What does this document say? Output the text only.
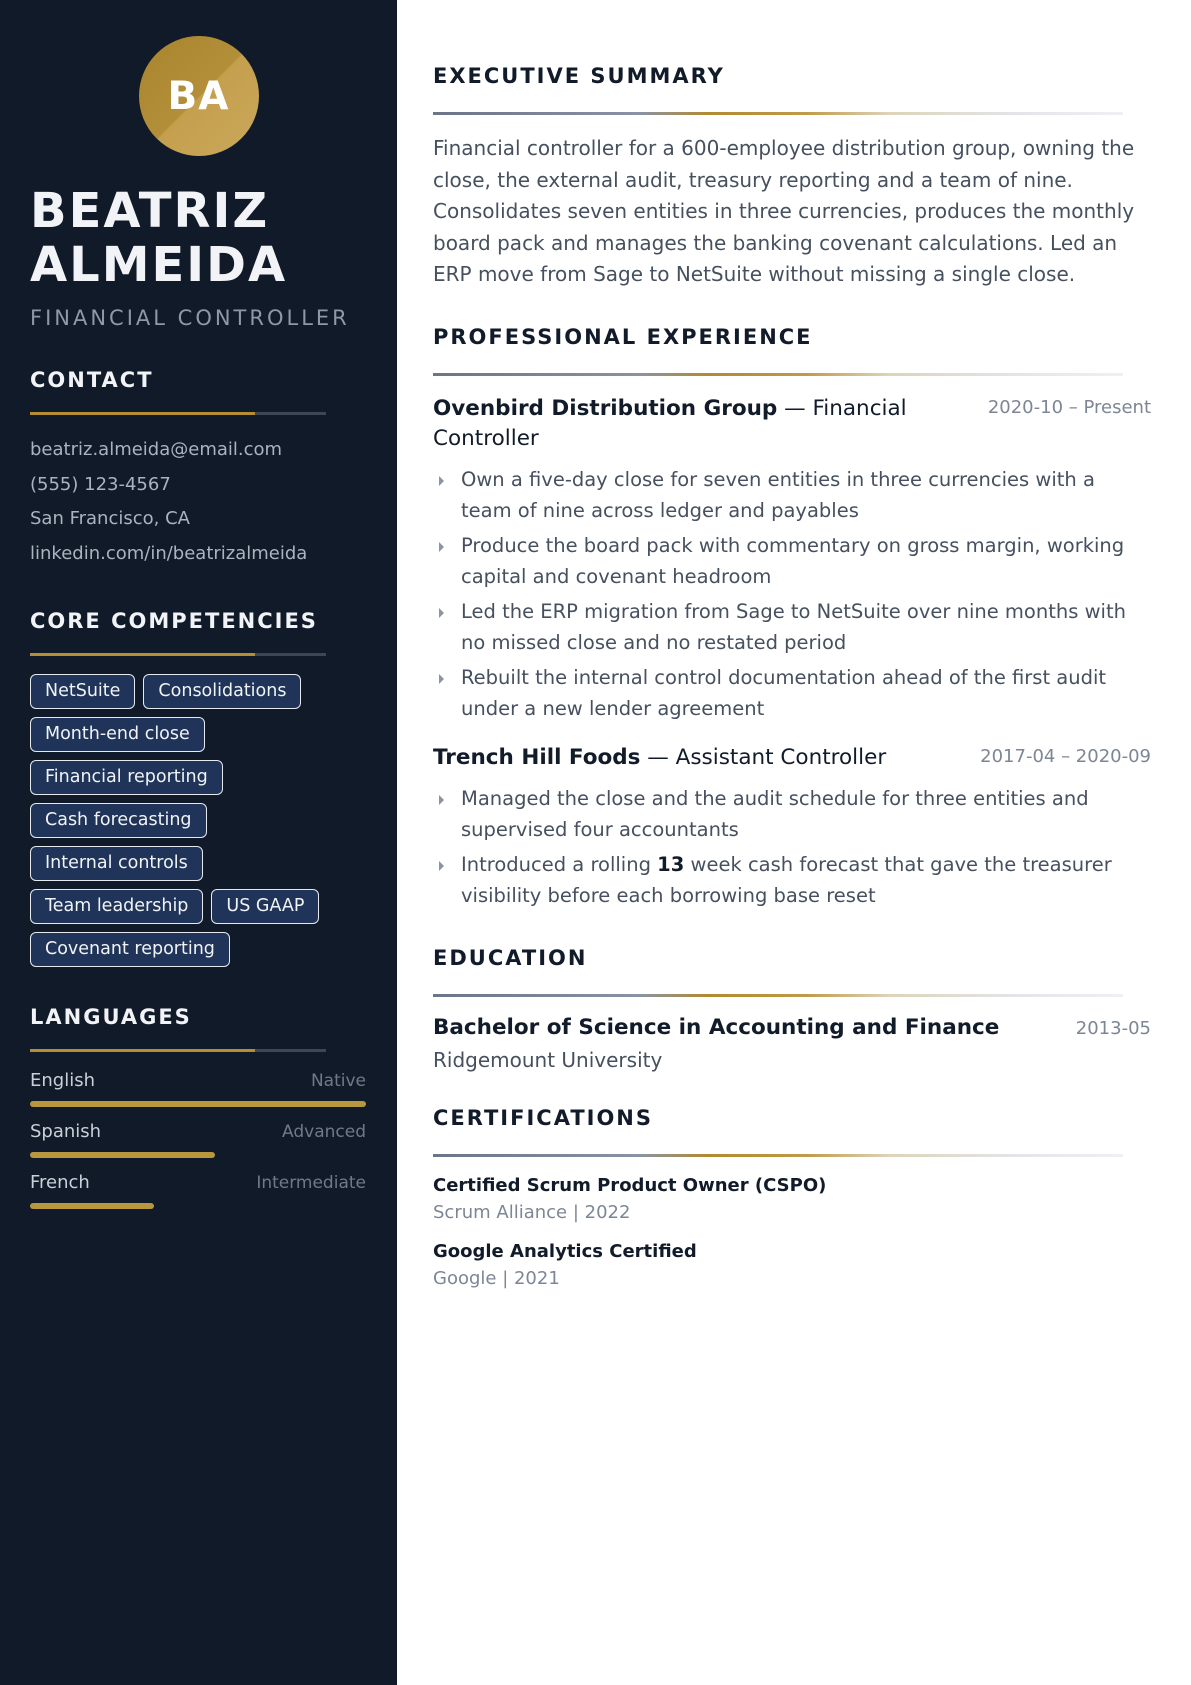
BA
BEATRIZ
ALMEIDA
FINANCIAL CONTROLLER
CONTACT
beatriz.almeida@email.com
(555) 123-4567
San Francisco, CA
linkedin.com/in/beatrizalmeida
CORE COMPETENCIES
NetSuite	Consolidations
Month-end close
Financial reporting
Cash forecasting
Internal controls
Team leadership	US GAAP
Covenant reporting
LANGUAGES
English	Native
Spanish	Advanced
French	Intermediate
EXECUTIVE SUMMARY

Financial controller for a 600-employee distribution group, owning the close, the external audit, treasury reporting and a team of nine. Consolidates seven entities in three currencies, produces the monthly board pack and manages the banking covenant calculations. Led an ERP move from Sage to NetSuite without missing a single close.

PROFESSIONAL EXPERIENCE
Ovenbird Distribution Group — Financial Controller
2020-10 – Present
Own a five-day close for seven entities in three currencies with a team of nine across ledger and payables
Produce the board pack with commentary on gross margin, working capital and covenant headroom
Led the ERP migration from Sage to NetSuite over nine months with no missed close and no restated period
Rebuilt the internal control documentation ahead of the first audit under a new lender agreement
Trench Hill Foods — Assistant Controller	2017-04 – 2020-09
Managed the close and the audit schedule for three entities and supervised four accountants
Introduced a rolling 13 week cash forecast that gave the treasurer visibility before each borrowing base reset
EDUCATION
Bachelor of Science in Accounting and Finance	2013-05
Ridgemount University
CERTIFICATIONS
Certified Scrum Product Owner (CSPO)
Scrum Alliance | 2022
Google Analytics Certified
Google | 2021
